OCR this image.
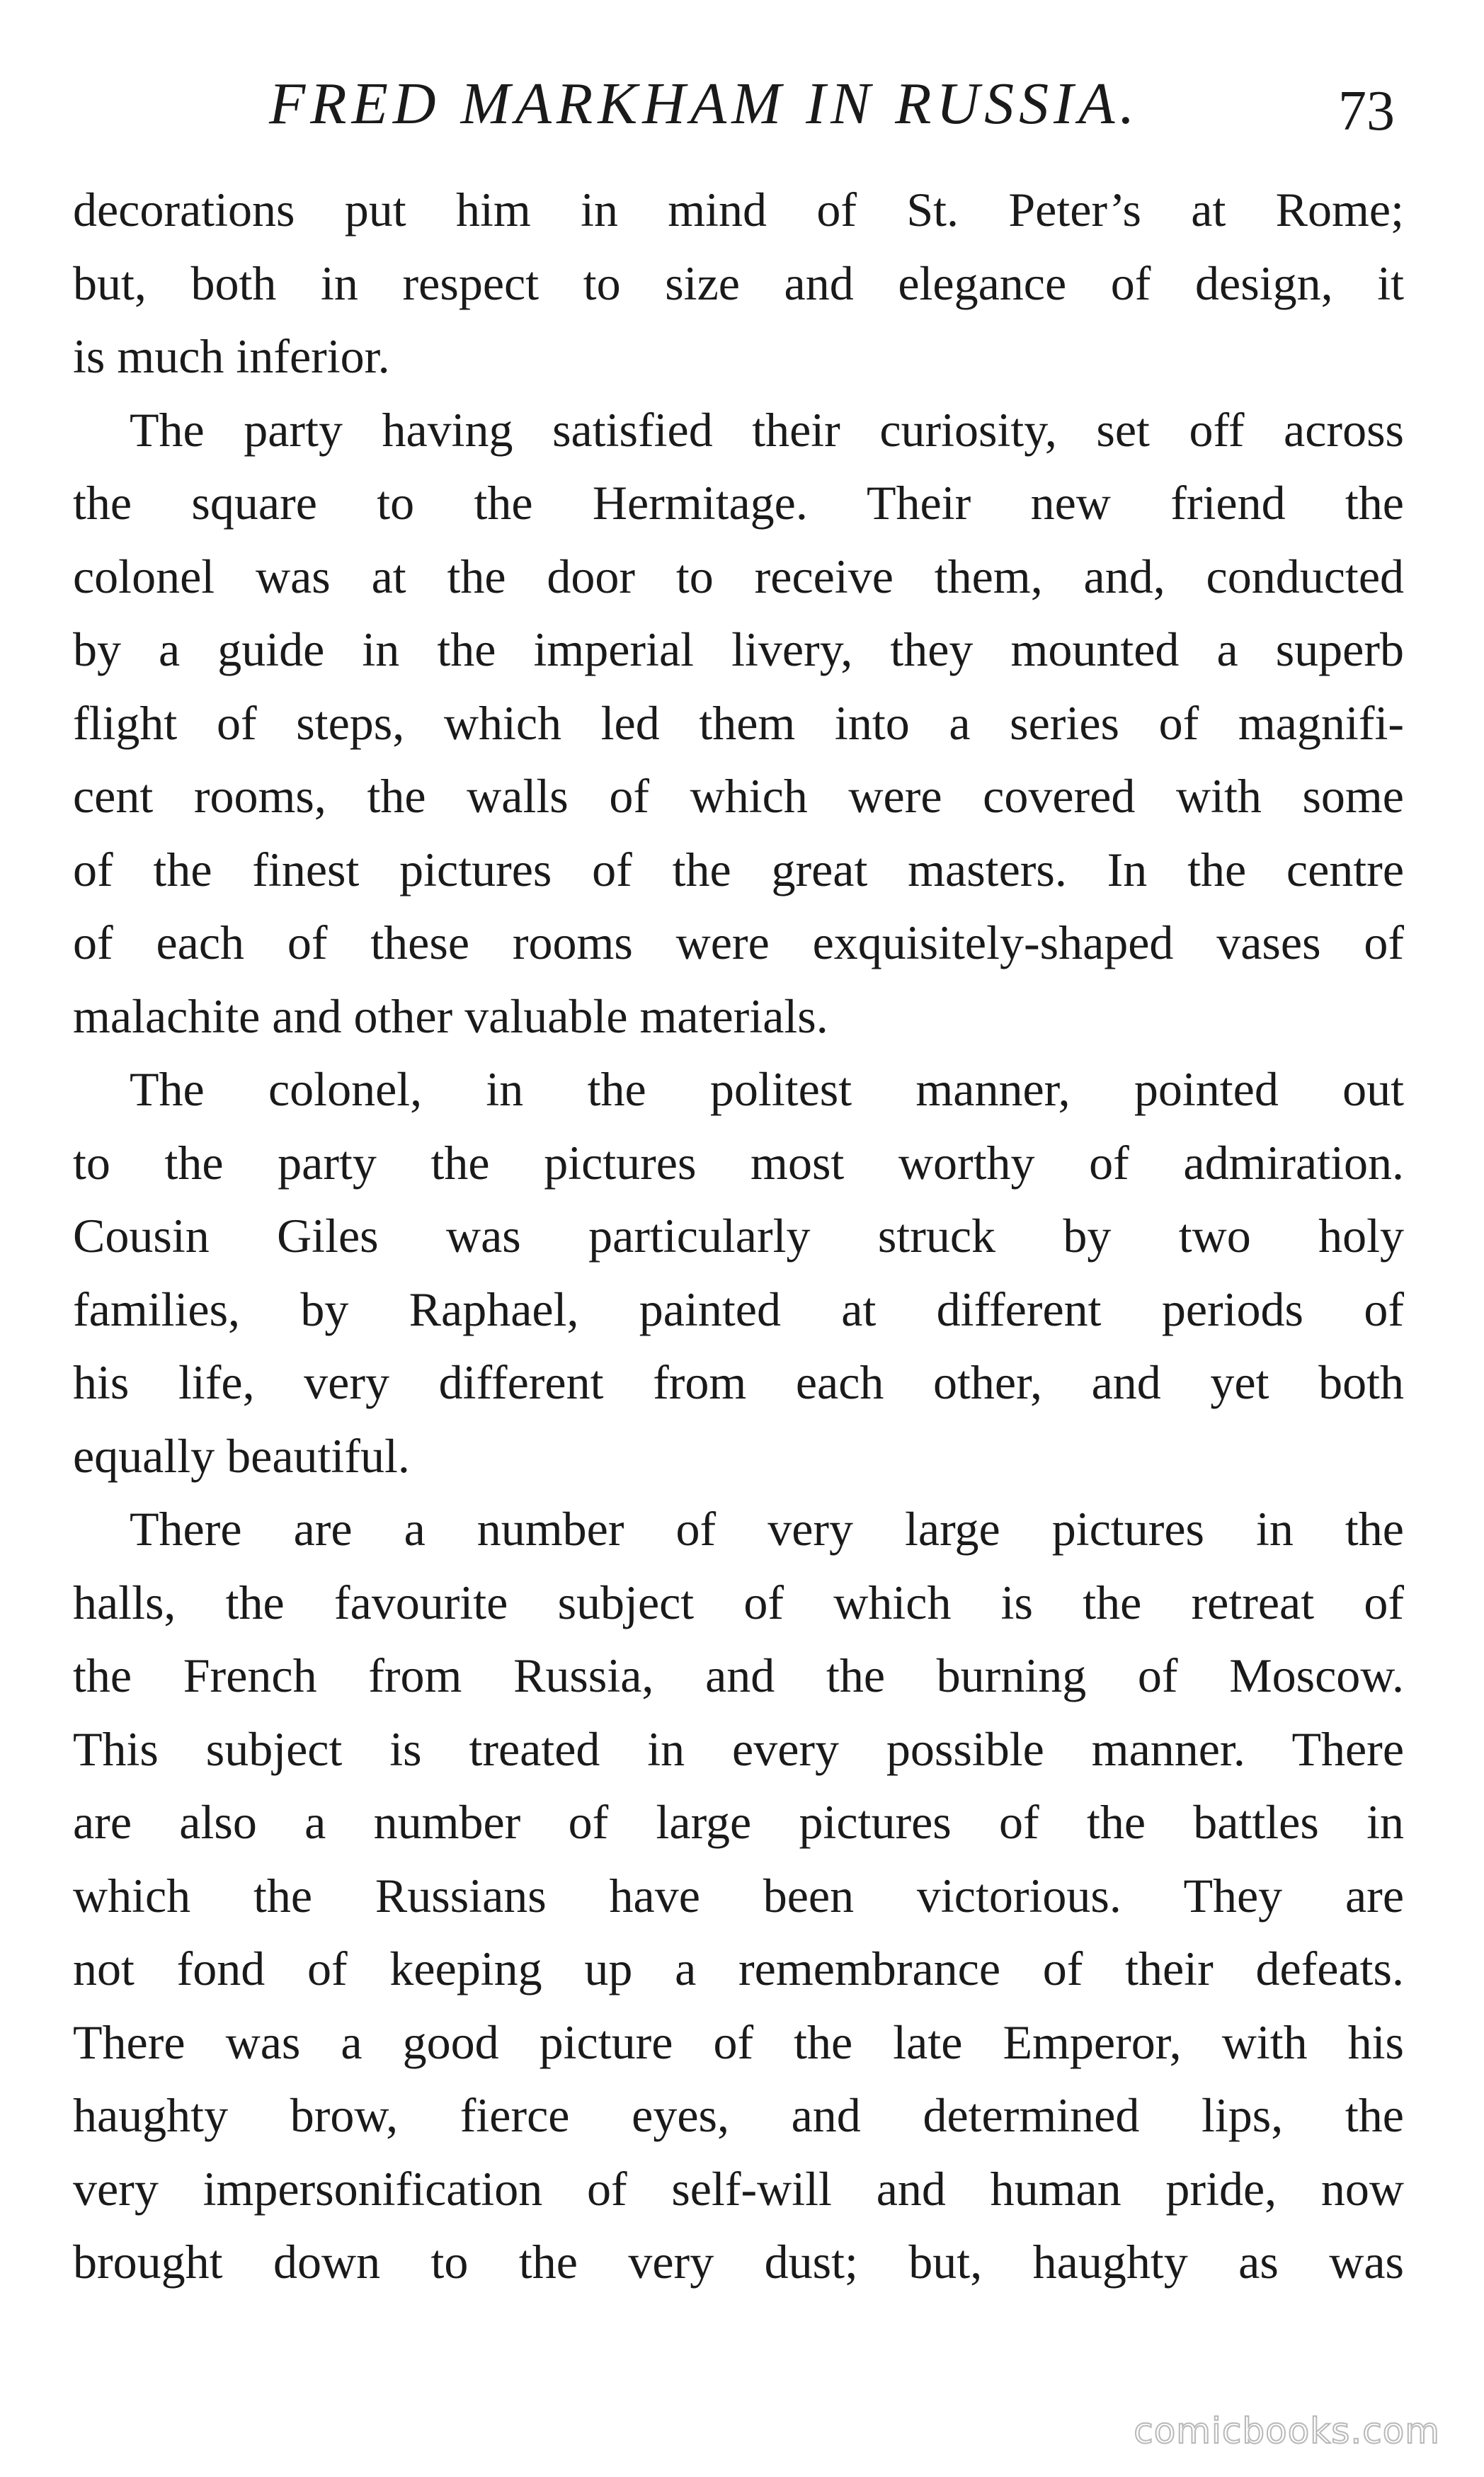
FRED MARKHAM IN RUSSIA.	73
decorations put him in mind of St. Peter’s at Rome;
but, both in respect to size and elegance of design, it
is much inferior.
The party having satisfied their curiosity, set off across
the square to the Hermitage. Their new friend the
colonel was at the door to receive them, and, conducted
by a guide in the imperial livery, they mounted a superb
flight of steps, which led them into a series of magnifi-
cent rooms, the walls of which were covered with some
of the finest pictures of the great masters. In the centre
of each of these rooms were exquisitely-shaped vases of
malachite and other valuable materials.
The colonel, in the politest manner, pointed out
to the party the pictures most worthy of admiration.
Cousin Giles was particularly struck by two holy
families, by Raphael, painted at different periods of
his life, very different from each other, and yet both
equally beautiful.
There are a number of very large pictures in the
halls, the favourite subject of which is the retreat of
the French from Russia, and the burning of Moscow.
This subject is treated in every possible manner. There
are also a number of large pictures of the battles in
which the Russians have been victorious. They are
not fond of keeping up a remembrance of their defeats.
There was a good picture of the late Emperor, with his
haughty brow, fierce eyes, and determined lips, the
very impersonification of self-will and human pride, now
brought down to the very dust; but, haughty as was
comicbooks.com
